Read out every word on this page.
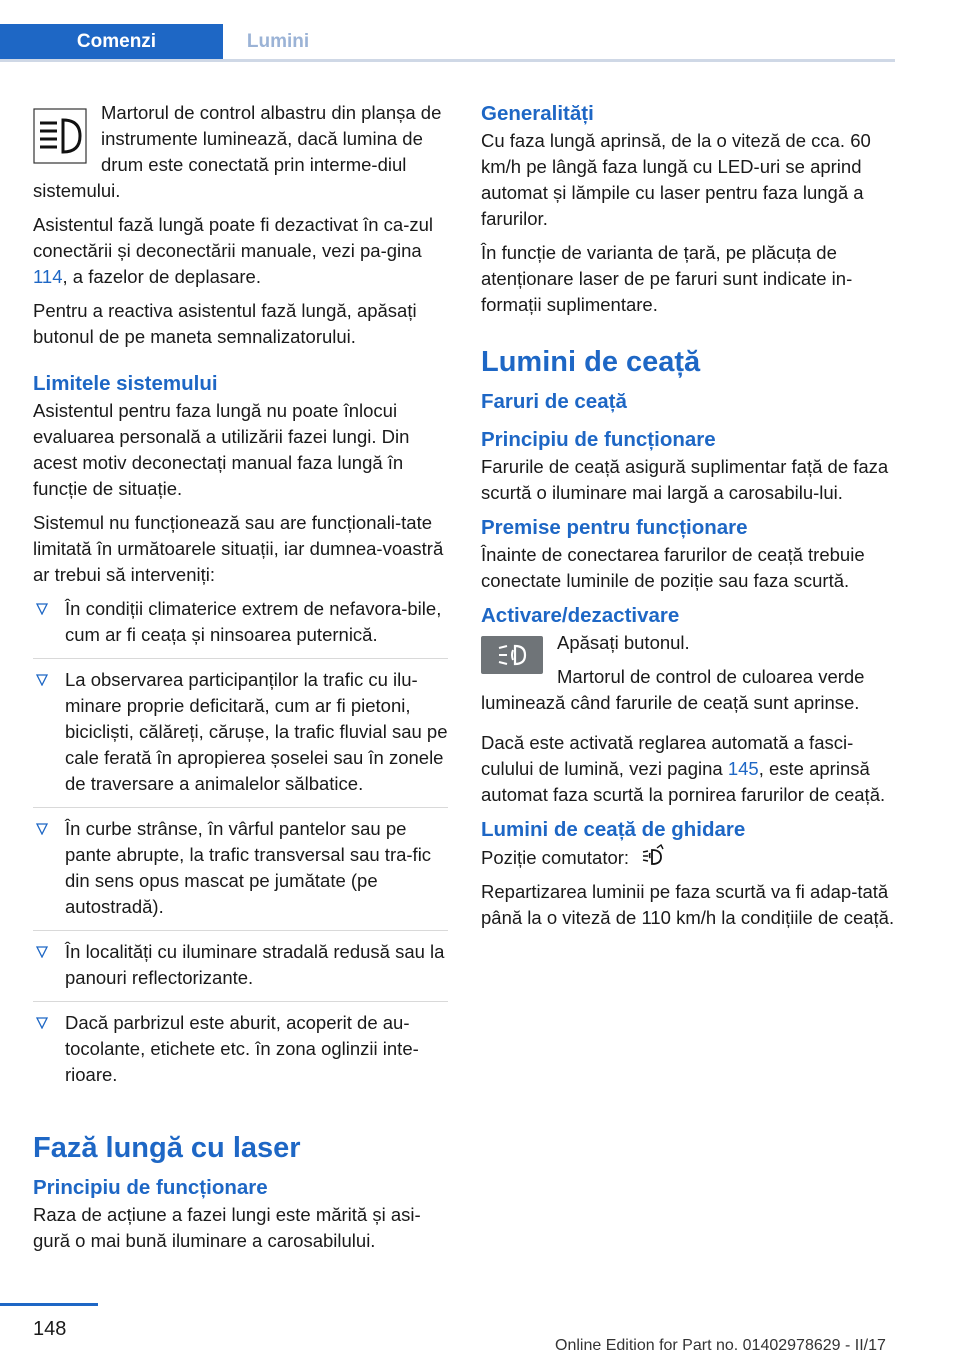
Comenzi	Lumini

Martorul de control albastru din planșa de instrumente luminează, dacă lumina de drum este conectată prin interme-diul sistemului.

Asistentul fază lungă poate fi dezactivat în ca-zul conectării și deconectării manuale, vezi pa-gina 114, a fazelor de deplasare.

Pentru a reactiva asistentul fază lungă, apăsați butonul de pe maneta semnalizatorului.

Limitele sistemului

Asistentul pentru faza lungă nu poate înlocui evaluarea personală a utilizării fazei lungi. Din acest motiv deconectați manual faza lungă în funcție de situație.

Sistemul nu funcționează sau are funcționali-tate limitată în următoarele situații, iar dumnea-voastră ar trebui să interveniți:

În condiții climaterice extrem de nefavora-bile, cum ar fi ceața și ninsoarea puternică.
La observarea participanților la trafic cu ilu-minare proprie deficitară, cum ar fi pietoni, bicicliști, călăreți, cărușe, la trafic fluvial sau pe cale ferată în apropierea șoselei sau în zonele de traversare a animalelor sălbatice.
În curbe strânse, în vârful pantelor sau pe pante abrupte, la trafic transversal sau tra-fic din sens opus mascat pe jumătate (pe autostradă).
În localități cu iluminare stradală redusă sau la panouri reflectorizante.
Dacă parbrizul este aburit, acoperit de au-tocolante, etichete etc. în zona oglinzii inte-rioare.
Fază lungă cu laser
Principiu de funcționare

Raza de acțiune a fazei lungi este mărită și asi-gură o mai bună iluminare a carosabilului.

Generalități

Cu faza lungă aprinsă, de la o viteză de cca. 60 km/h pe lângă faza lungă cu LED-uri se aprind automat și lămpile cu laser pentru faza lungă a farurilor.

În funcție de varianta de țară, pe plăcuța de atenționare laser de pe faruri sunt indicate in-formații suplimentare.

Lumini de ceață
Faruri de ceață
Principiu de funcționare

Farurile de ceață asigură suplimentar față de faza scurtă o iluminare mai largă a carosabilu-lui.

Premise pentru funcționare

Înainte de conectarea farurilor de ceață trebuie conectate luminile de poziție sau faza scurtă.

Activare/dezactivare

Apăsați butonul.

Martorul de control de culoarea verde luminează când farurile de ceață sunt aprinse.

Dacă este activată reglarea automată a fasci-culului de lumină, vezi pagina 145, este aprinsă automat faza scurtă la pornirea farurilor de ceață.

Lumini de ceață de ghidare

Poziție comutator:

Repartizarea luminii pe faza scurtă va fi adap-tată până la o viteză de 110 km/h la condițiile de ceață.

148
Online Edition for Part no. 01402978629 - II/17
